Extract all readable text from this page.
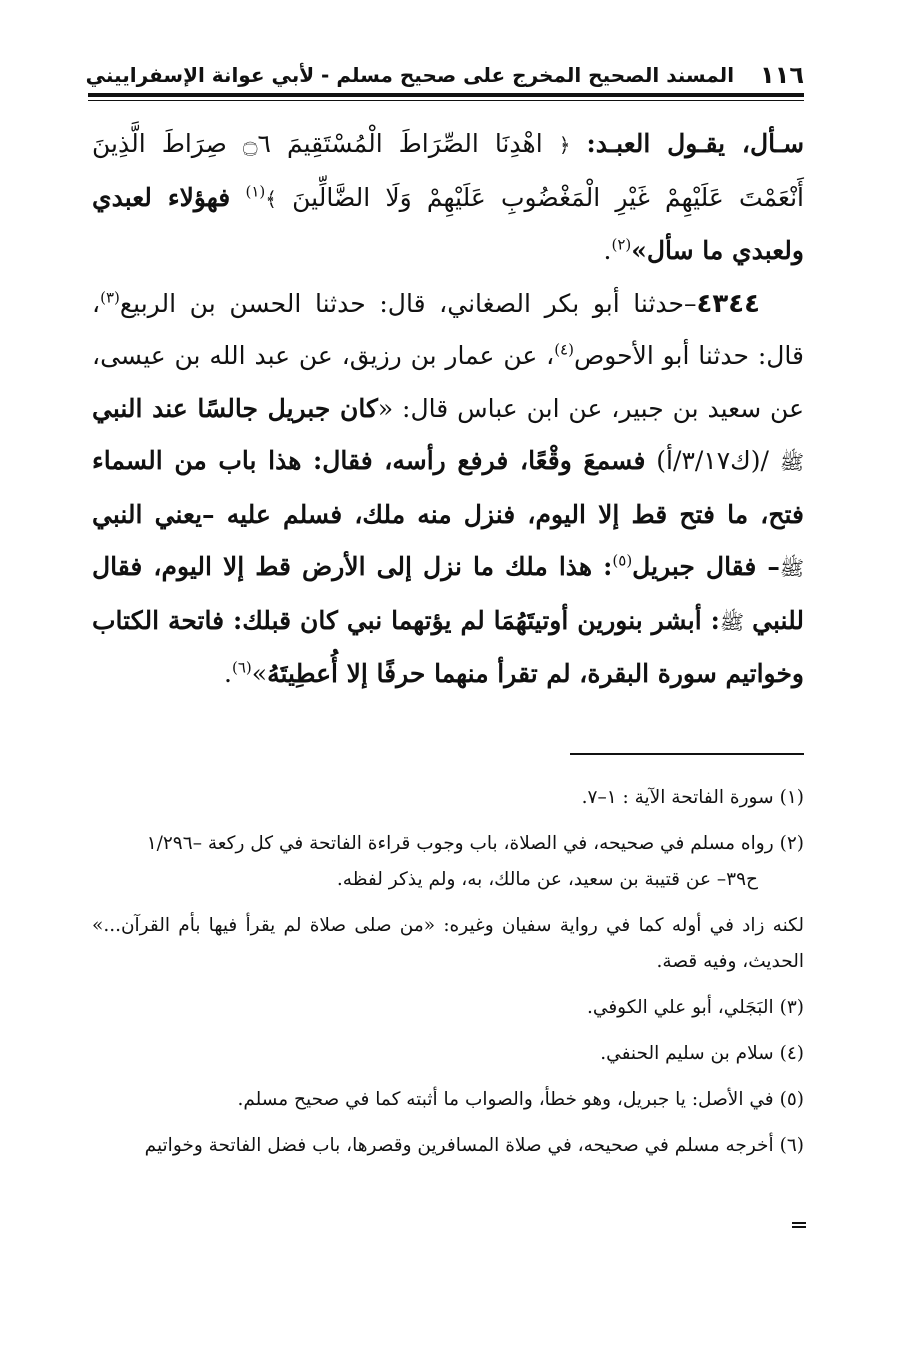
١١٦
المسند الصحيح المخرج على صحيح مسلم - لأبي عوانة الإسفراييني

سـأل، يقـول العبـد: ﴿ اهْدِنَا الصِّرَاطَ الْمُسْتَقِيمَ ۝٦ صِرَاطَ الَّذِينَ أَنْعَمْتَ عَلَيْهِمْ غَيْرِ الْمَغْضُوبِ عَلَيْهِمْ وَلَا الضَّالِّينَ ﴾$^{(١)}$ فهؤلاء لعبدي ولعبدي ما سأل»$^{(٢)}$.

٤٣٤٤–حدثنا أبو بكر الصغاني، قال: حدثنا الحسن بن الربيع$^{(٣)}$، قال: حدثنا أبو الأحوص$^{(٤)}$، عن عمار بن رزيق، عن عبد الله بن عيسى، عن سعيد بن جبير، عن ابن عباس قال: «كان جبريل جالسًا عند النبي ﷺ /(ك٣/١٧/أ) فسمعَ وقْعًا، فرفع رأسه، فقال: هذا باب من السماء فتح، ما فتح قط إلا اليوم، فنزل منه ملك، فسلم عليه –يعني النبي ﷺ– فقال جبريل$^{(٥)}$: هذا ملك ما نزل إلى الأرض قط إلا اليوم، فقال للنبي ﷺ: أبشر بنورين أوتيتَهُمَا لم يؤتهما نبي كان قبلك: فاتحة الكتاب وخواتيم سورة البقرة، لم تقرأ منهما حرفًا إلا أُعطِيتَهُ»$^{(٦)}$.

(١)سورة الفاتحة الآية : ١–٧.

(٢)رواه مسلم في صحيحه، في الصلاة، باب وجوب قراءة الفاتحة في كل ركعة –١/٢٩٦

ح٣٩– عن قتيبة بن سعيد، عن مالك، به، ولم يذكر لفظه.

لكنه زاد في أوله كما في رواية سفيان وغيره: «من صلى صلاة لم يقرأ فيها بأم القرآن...» الحديث، وفيه قصة.

(٣)البَجَلي، أبو علي الكوفي.

(٤)سلام بن سليم الحنفي.

(٥)في الأصل: يا جبريل، وهو خطأ، والصواب ما أثبته كما في صحيح مسلم.

(٦)أخرجه مسلم في صحيحه، في صلاة المسافرين وقصرها، باب فضل الفاتحة وخواتيم
